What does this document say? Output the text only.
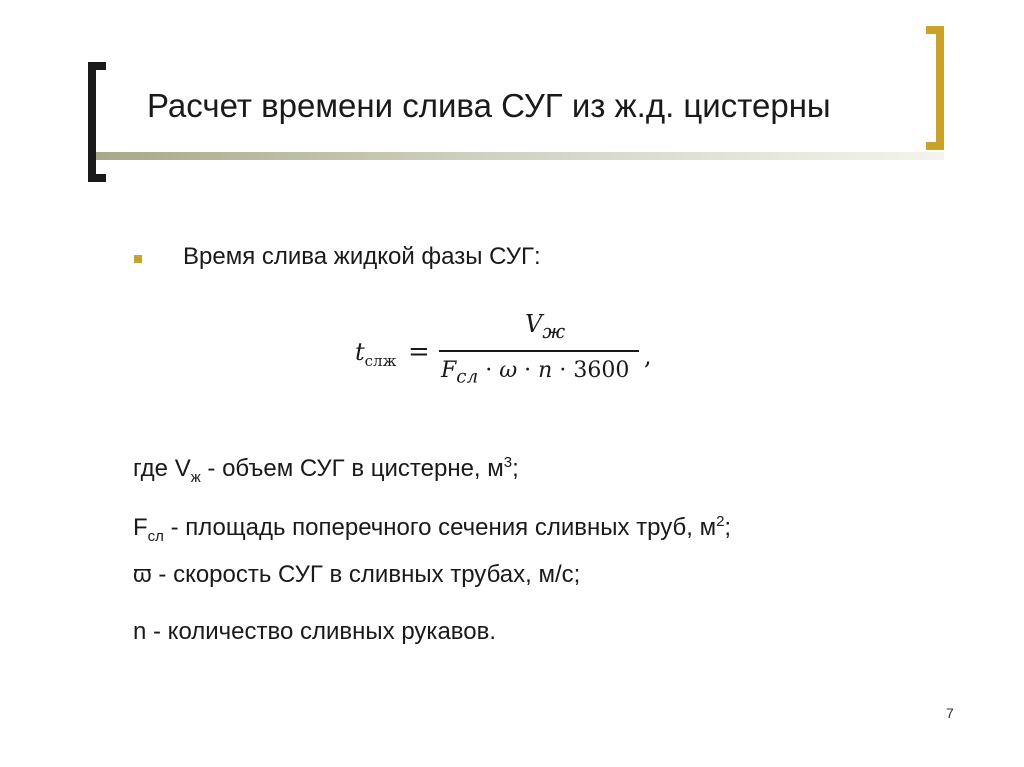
Расчет времени слива СУГ из ж.д. цистерны
Время слива жидкой фазы СУГ:
$t_{слж}$ =
$V_ж$
$F_{сл} \cdot \omega \cdot n \cdot 3600$
,
где $V_ж$ - объем СУГ в цистерне, $м^3$;
$F_{сл}$ - площадь поперечного сечения сливных труб, $м^2$;
ϖ - скорость СУГ в сливных трубах, м/с;
n - количество сливных рукавов.
7
